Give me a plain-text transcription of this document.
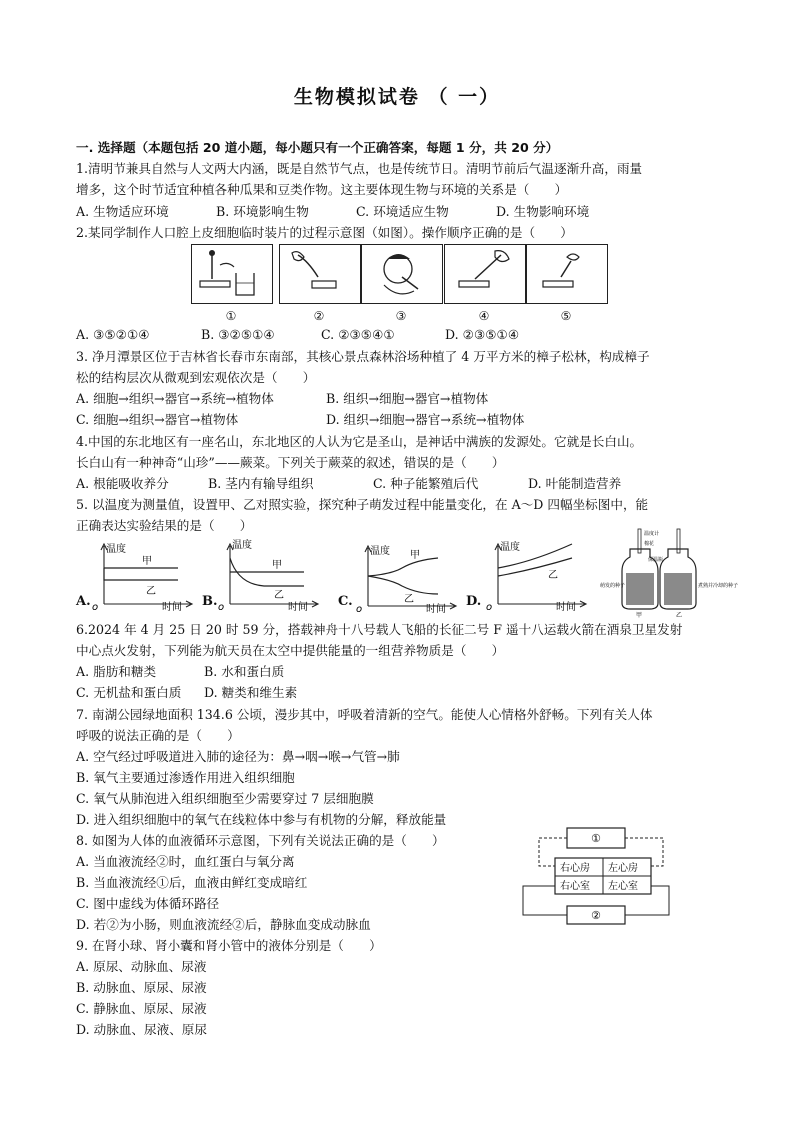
生物模拟试卷 （ 一）
一. 选择题（本题包括 20 道小题，每小题只有一个正确答案，每题 1 分，共 20 分）
1.清明节兼具自然与人文两大内涵，既是自然节气点，也是传统节日。清明节前后气温逐渐升高，雨量
增多，这个时节适宜种植各种瓜果和豆类作物。这主要体现生物与环境的关系是（　　）
A. 生物适应环境	B. 环境影响生物	C. 环境适应生物	D. 生物影响环境
2.某同学制作人口腔上皮细胞临时装片的过程示意图（如图）。操作顺序正确的是（　　）
①	②	③	④	⑤
A. ③⑤②①④	B. ③②⑤①④	C. ②③⑤④①	D. ②③⑤①④
3. 净月潭景区位于吉林省长春市东南部，其核心景点森林浴场种植了 4 万平方米的樟子松林，构成樟子
松的结构层次从微观到宏观依次是（　　）
A. 细胞→组织→器官→系统→植物体	B. 组织→细胞→器官→植物体
C. 细胞→组织→器官→植物体	D. 组织→细胞→器官→系统→植物体
4.中国的东北地区有一座名山，东北地区的人认为它是圣山，是神话中满族的发源处。它就是长白山。
长白山有一种神奇“山珍”——蕨菜。下列关于蕨菜的叙述，错误的是（　　）
A. 根能吸收养分	B. 茎内有输导组织	C. 种子能繁殖后代	D. 叶能制造营养
5. 以温度为测量值，设置甲、乙对照实验，探究种子萌发过程中能量变化，在 A～D 四幅坐标图中，能
正确表达实验结果的是（　　）
A.	B.	C.	D.
温度
甲
乙
o	时间
温度
甲
乙
o	时间
温度 甲
乙
o	时间
温度
乙
o	时间
温度计
棉花
保温瓶
萌发的种子	煮熟并冷却的种子
甲	乙
6.2024 年 4 月 25 日 20 时 59 分，搭载神舟十八号载人飞船的长征二号 F 遥十八运载火箭在酒泉卫星发射
中心点火发射，下列能为航天员在太空中提供能量的一组营养物质是（　　）
A. 脂肪和糖类	B. 水和蛋白质
C. 无机盐和蛋白质 D. 糖类和维生素
7. 南湖公园绿地面积 134.6 公顷，漫步其中，呼吸着清新的空气。能使人心情格外舒畅。下列有关人体
呼吸的说法正确的是（　　）
A. 空气经过呼吸道进入肺的途径为：鼻→咽→喉→气管→肺
B. 氧气主要通过渗透作用进入组织细胞
C. 氧气从肺泡进入组织细胞至少需要穿过 7 层细胞膜
D. 进入组织细胞中的氧气在线粒体中参与有机物的分解，释放能量
8. 如图为人体的血液循环示意图，下列有关说法正确的是（　　）
A. 当血液流经②时，血红蛋白与氧分离
B. 当血液流经①后，血液由鲜红变成暗红
C. 图中虚线为体循环路径
D. 若②为小肠，则血液流经②后，静脉血变成动脉血
①
②
右心房 左心房
右心室 左心室
9. 在肾小球、肾小囊和肾小管中的液体分别是（　　）
A. 原尿、动脉血、尿液
B. 动脉血、原尿、尿液
C. 静脉血、原尿、尿液
D. 动脉血、尿液、原尿
